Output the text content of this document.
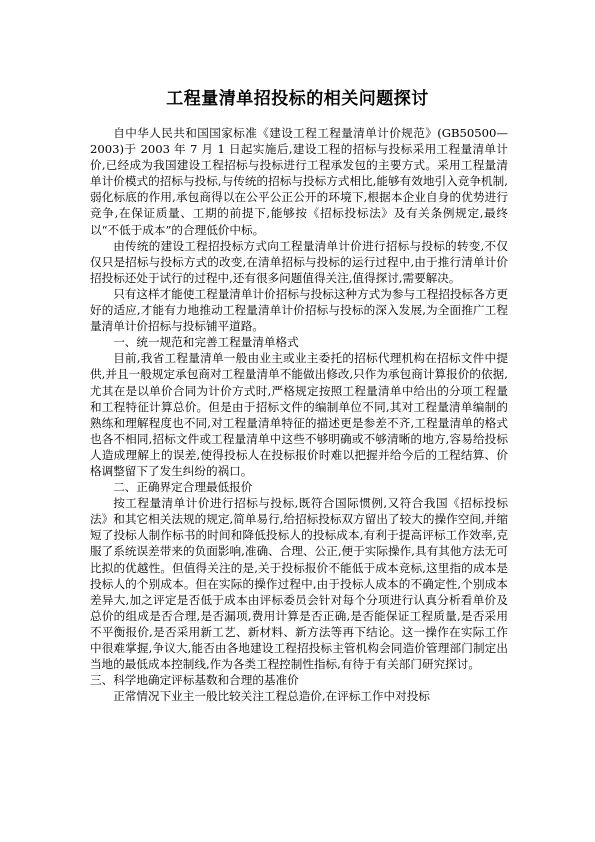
工程量清单招投标的相关问题探讨

自中华人民共和国国家标准《建设工程工程量清单计价规范》(GB50500—2003)于 2003 年 7 月 1 日起实施后,建设工程的招标与投标采用工程量清单计价,已经成为我国建设工程招标与投标进行工程承发包的主要方式。采用工程量清单计价模式的招标与投标,与传统的招标与投标方式相比,能够有效地引入竞争机制,弱化标底的作用,承包商得以在公平公正公开的环境下,根据本企业自身的优势进行竞争,在保证质量、工期的前提下,能够按《招标投标法》及有关条例规定,最终以“不低于成本”的合理低价中标。

由传统的建设工程招投标方式向工程量清单计价进行招标与投标的转变,不仅仅只是招标与投标方式的改变,在清单招标与投标的运行过程中,由于推行清单计价招投标还处于试行的过程中,还有很多问题值得关注,值得探讨,需要解决。

只有这样才能使工程量清单计价招标与投标这种方式为参与工程招投标各方更好的适应,才能有力地推动工程量清单计价招标与投标的深入发展,为全面推广工程量清单计价招标与投标铺平道路。

一、统一规范和完善工程量清单格式

目前,我省工程量清单一般由业主或业主委托的招标代理机构在招标文件中提供,并且一般规定承包商对工程量清单不能做出修改,只作为承包商计算报价的依据,尤其在是以单价合同为计价方式时,严格规定按照工程量清单中给出的分项工程量和工程特征计算总价。但是由于招标文件的编制单位不同,其对工程量清单编制的熟练和理解程度也不同,对工程量清单特征的描述更是参差不齐,工程量清单的格式也各不相同,招标文件或工程量清单中这些不够明确或不够清晰的地方,容易给投标人造成理解上的误差,使得投标人在投标报价时难以把握并给今后的工程结算、价格调整留下了发生纠纷的祸口。

二、正确界定合理最低报价

按工程量清单计价进行招标与投标,既符合国际惯例,又符合我国《招标投标法》和其它相关法规的规定,简单易行,给招标投标双方留出了较大的操作空间,并缩短了投标人制作标书的时间和降低投标人的投标成本,有利于提高评标工作效率,克服了系统误差带来的负面影响,准确、合理、公正,便于实际操作,具有其他方法无可比拟的优越性。但值得关注的是,关于投标报价不能低于成本竞标,这里指的成本是投标人的个别成本。但在实际的操作过程中,由于投标人成本的不确定性,个别成本差异大,加之评定是否低于成本由评标委员会针对每个分项进行认真分析看单价及总价的组成是否合理,是否漏项,费用计算是否正确,是否能保证工程质量,是否采用不平衡报价,是否采用新工艺、新材料、新方法等再下结论。这一操作在实际工作中很难掌握,争议大,能否由各地建设工程招投标主管机构会同造价管理部门制定出当地的最低成本控制线,作为各类工程控制性指标,有待于有关部门研究探讨。

三、科学地确定评标基数和合理的基准价

正常情况下业主一般比较关注工程总造价,在评标工作中对投标
